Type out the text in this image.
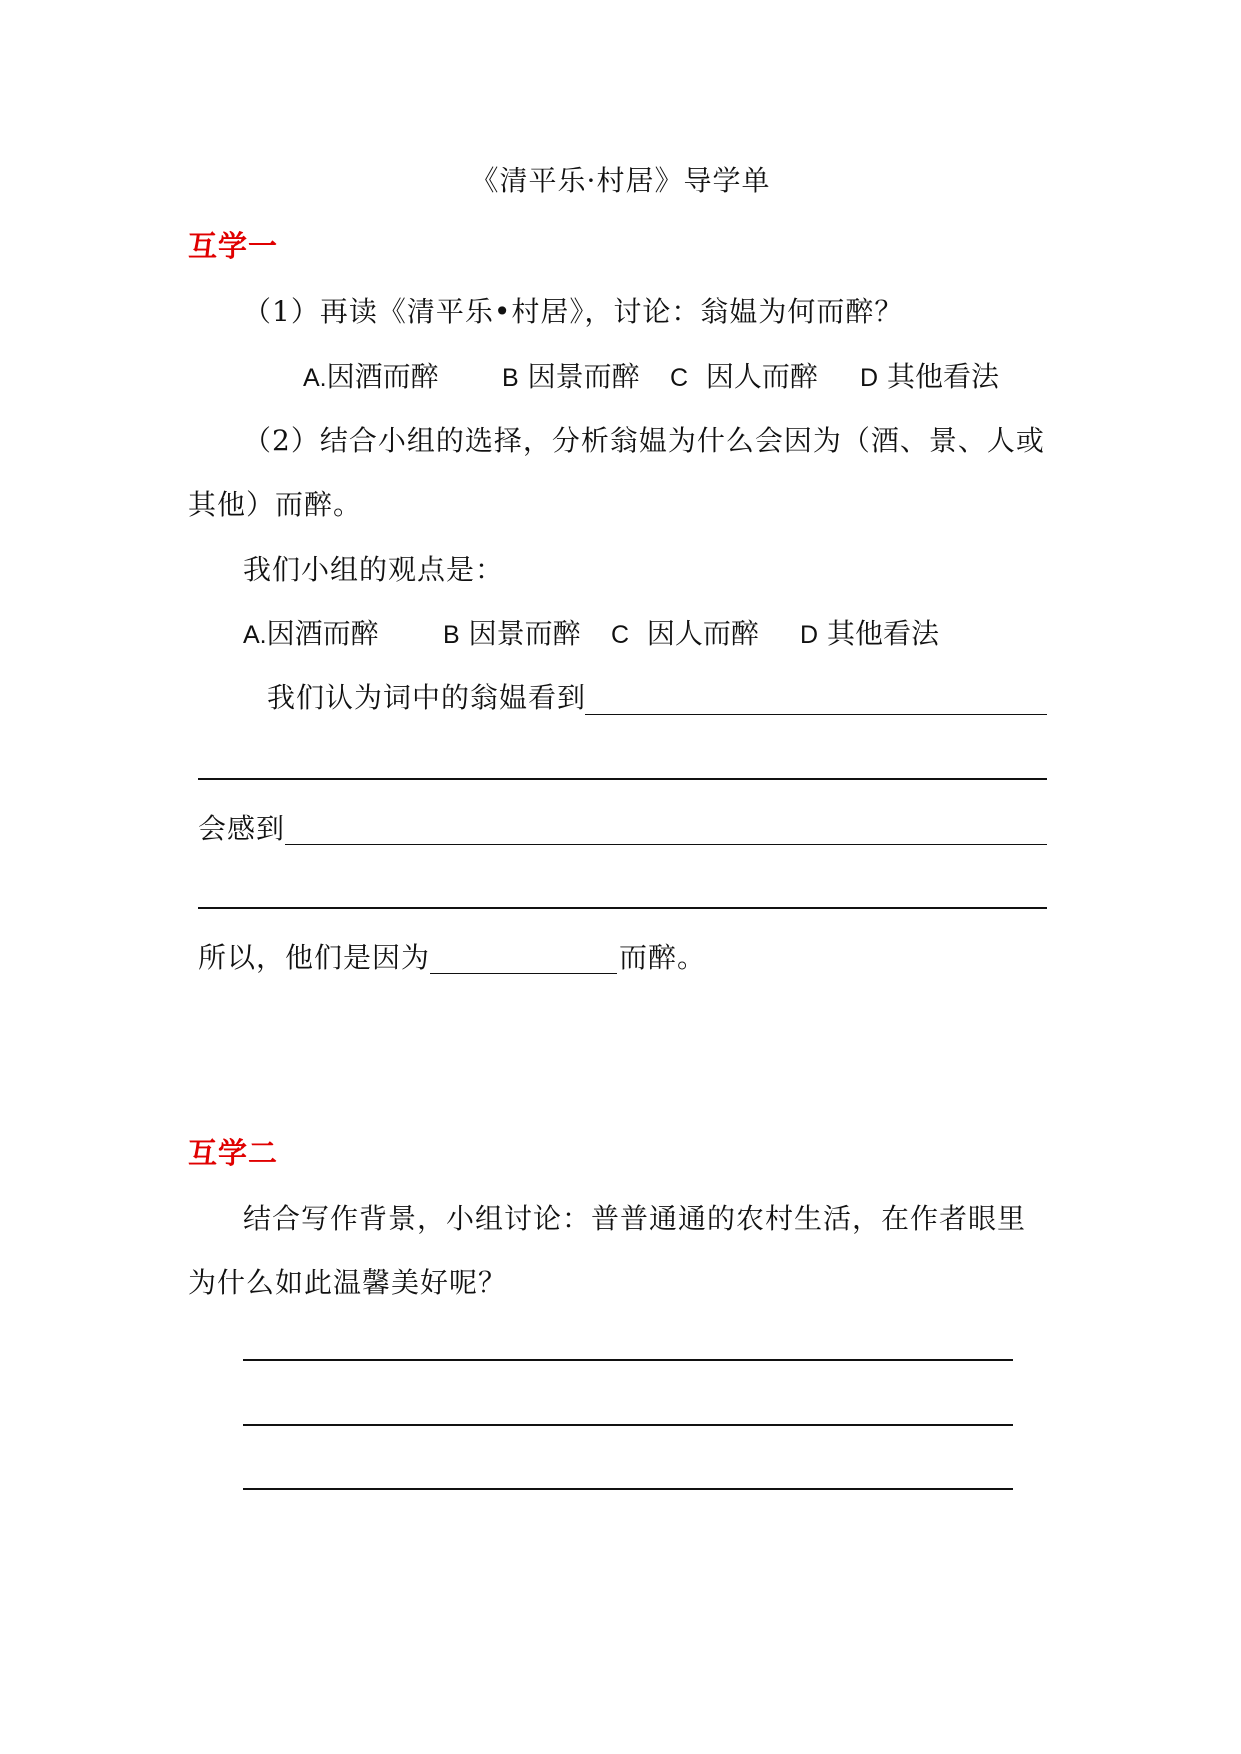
《清平乐·村居》导学单
互学一
（1）再读《清平乐•村居》，讨论：翁媪为何而醉？
A.因酒而醉	B 因景而醉 C 因人而醉 D 其他看法
（2）结合小组的选择，分析翁媪为什么会因为（酒、景、人或
其他）而醉。
我们小组的观点是：
A.因酒而醉	B 因景而醉 C 因人而醉 D 其他看法
我们认为词中的翁媪看到
会感到
所以，他们是因为	而醉。
互学二
结合写作背景，小组讨论：普普通通的农村生活，在作者眼里
为什么如此温馨美好呢？
